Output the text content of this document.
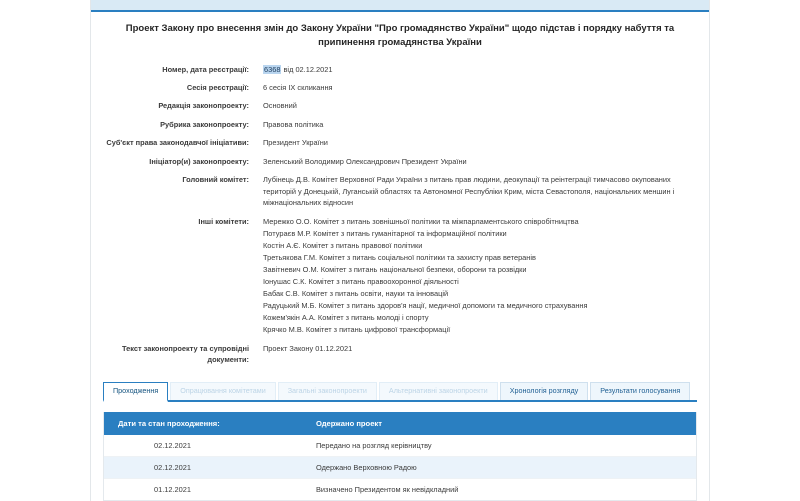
Проект Закону про внесення змін до Закону України "Про громадянство України" щодо підстав і порядку набуття та припинення громадянства України
Номер, дата реєстрації:	6368 від 02.12.2021
Сесія реєстрації:	6 сесія IX скликання
Редакція законопроекту:	Основний
Рубрика законопроекту:	Правова політика
Суб'єкт права законодавчої ініціативи:	Президент України
Ініціатор(и) законопроекту:	Зеленський Володимир Олександрович Президент України
Головний комітет:	Лубінець Д.В. Комітет Верховної Ради України з питань прав людини, деокупації та реінтеграції тимчасово окупованих територій у Донецькій, Луганській областях та Автономної Республіки Крим, міста Севастополя, національних меншин і міжнаціональних відносин
Інші комітети:	Мережко О.О. Комітет з питань зовнішньої політики та міжпарламентського співробітництва
Потураєв М.Р. Комітет з питань гуманітарної та інформаційної політики
Костін А.Є. Комітет з питань правової політики
Третьякова Г.М. Комітет з питань соціальної політики та захисту прав ветеранів
Завітневич О.М. Комітет з питань національної безпеки, оборони та розвідки
Іонушас С.К. Комітет з питань правоохоронної діяльності
Бабак С.В. Комітет з питань освіти, науки та інновацій
Радуцький М.Б. Комітет з питань здоров'я нації, медичної допомоги та медичного страхування
Кожем'якін А.А. Комітет з питань молоді і спорту
Крячко М.В. Комітет з питань цифрової трансформації
Текст законопроекту та супровідні документи:
Проект Закону 01.12.2021
Проходження	Опрацювання комітетами	Загальні законопроекти	Альтернативні законопроекти	Хронологія розгляду	Результати голосування
Дати та стан проходження:	Одержано проект
02.12.2021	Передано на розгляд керівництву
02.12.2021	Одержано Верховною Радою
01.12.2021	Визначено Президентом як невідкладний
